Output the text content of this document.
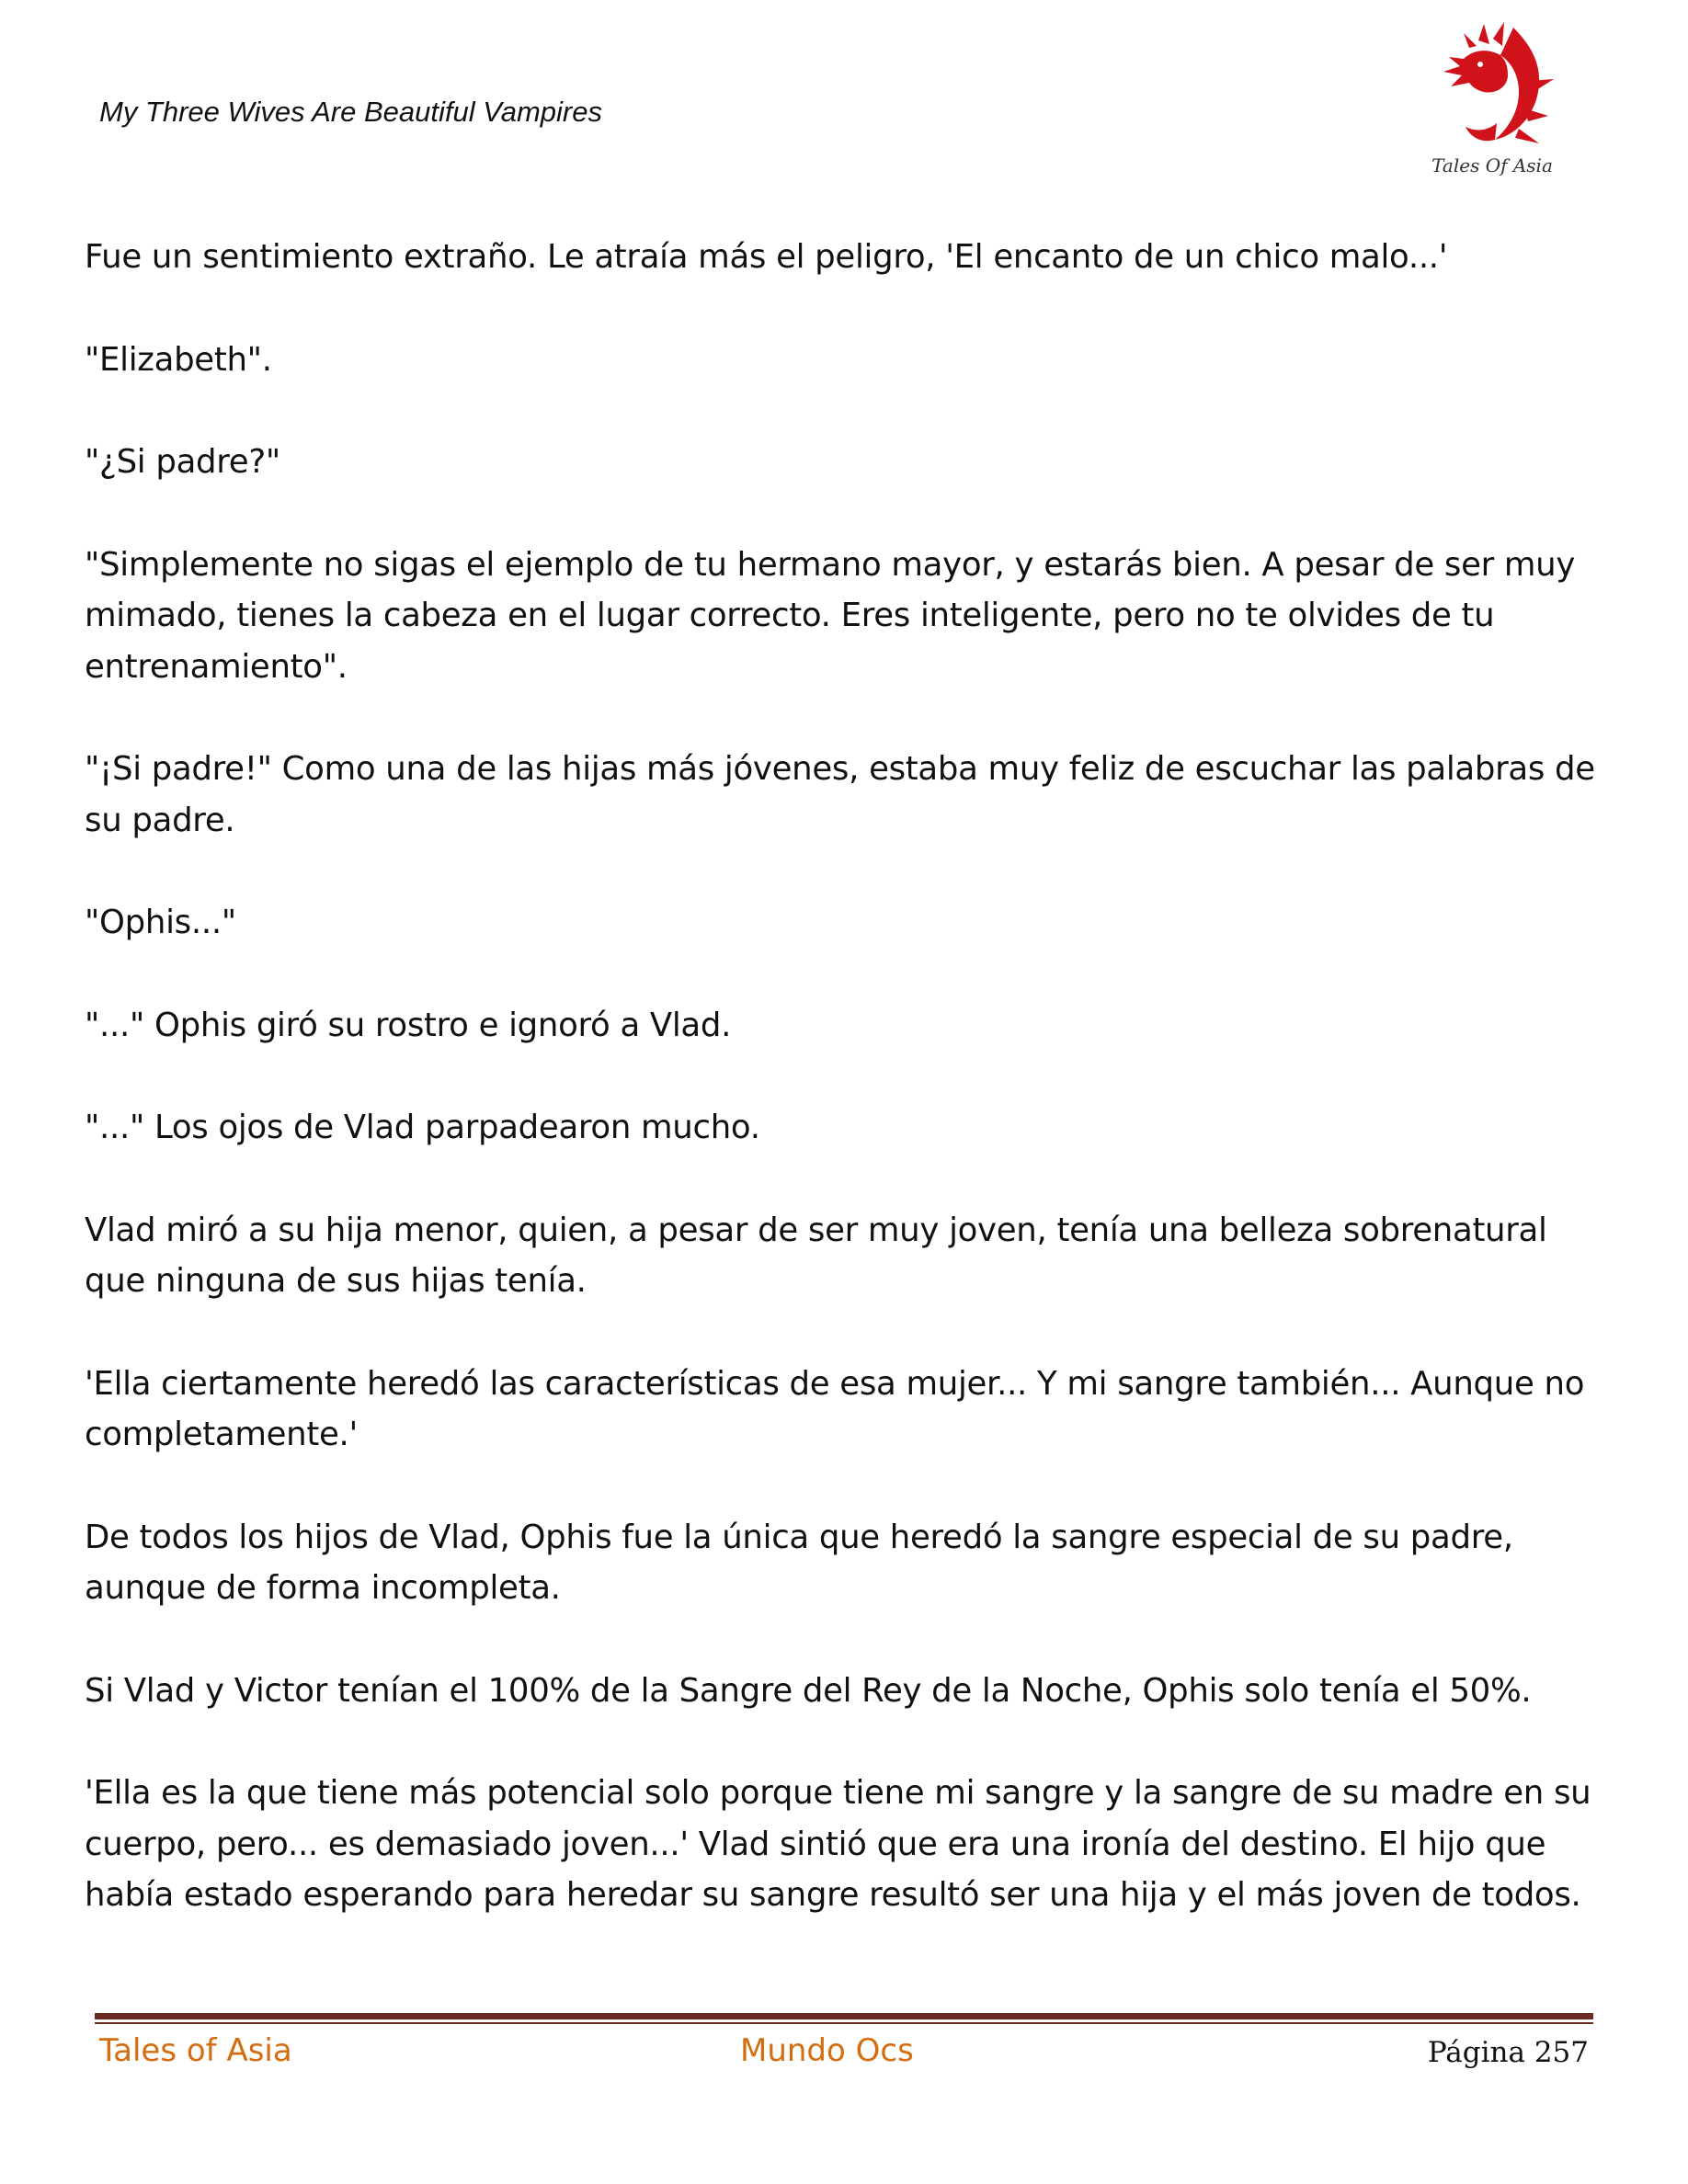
My Three Wives Are Beautiful Vampires
Tales Of Asia

Fue un sentimiento extraño. Le atraía más el peligro, 'El encanto de un chico malo...'

"Elizabeth".

"¿Si padre?"

"Simplemente no sigas el ejemplo de tu hermano mayor, y estarás bien. A pesar de ser muy mimado, tienes la cabeza en el lugar correcto. Eres inteligente, pero no te olvides de tu entrenamiento".

"¡Si padre!" Como una de las hijas más jóvenes, estaba muy feliz de escuchar las palabras de su padre.

"Ophis..."

"..." Ophis giró su rostro e ignoró a Vlad.

"..." Los ojos de Vlad parpadearon mucho.

Vlad miró a su hija menor, quien, a pesar de ser muy joven, tenía una belleza sobrenatural que ninguna de sus hijas tenía.

'Ella ciertamente heredó las características de esa mujer... Y mi sangre también... Aunque no completamente.'

De todos los hijos de Vlad, Ophis fue la única que heredó la sangre especial de su padre, aunque de forma incompleta.

Si Vlad y Victor tenían el 100% de la Sangre del Rey de la Noche, Ophis solo tenía el 50%.

'Ella es la que tiene más potencial solo porque tiene mi sangre y la sangre de su madre en su cuerpo, pero... es demasiado joven...' Vlad sintió que era una ironía del destino. El hijo que había estado esperando para heredar su sangre resultó ser una hija y el más joven de todos.

Tales of Asia	Mundo Ocs	Página 257
